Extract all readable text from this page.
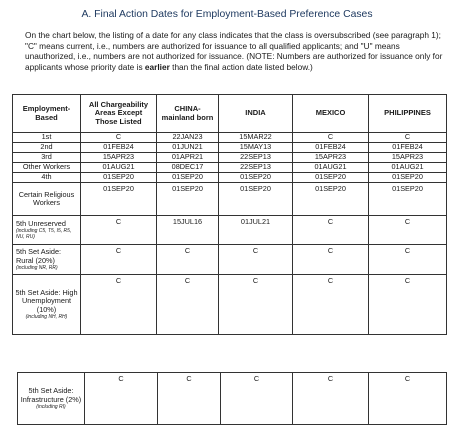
A. Final Action Dates for Employment-Based Preference Cases
On the chart below, the listing of a date for any class indicates that the class is oversubscribed (see paragraph 1); "C" means current, i.e., numbers are authorized for issuance to all qualified applicants; and "U" means unauthorized, i.e., numbers are not authorized for issuance. (NOTE: Numbers are authorized for issuance only for applicants whose priority date is earlier than the final action date listed below.)
Employment-Based	All Chargeability Areas Except Those Listed	CHINA-mainland born	INDIA	MEXICO	PHILIPPINES
1st	C	22JAN23	15MAR22	C	C
2nd	01FEB24	01JUN21	15MAY13	01FEB24	01FEB24
3rd	15APR23	01APR21	22SEP13	15APR23	15APR23
Other Workers	01AUG21	08DEC17	22SEP13	01AUG21	01AUG21
4th	01SEP20	01SEP20	01SEP20	01SEP20	01SEP20
Certain Religious Workers	01SEP20	01SEP20	01SEP20	01SEP20	01SEP20
5th Unreserved
(including C5, T5, I5, R5, NU, RU)	C	15JUL16	01JUL21	C	C
5th Set Aside: Rural (20%)
(including NR, RR)	C	C	C	C	C
5th Set Aside: High Unemployment (10%)
(including NH, RH)	C	C	C	C	C
5th Set Aside: Infrastructure (2%)
(including RI)
	C	C	C	C	C
